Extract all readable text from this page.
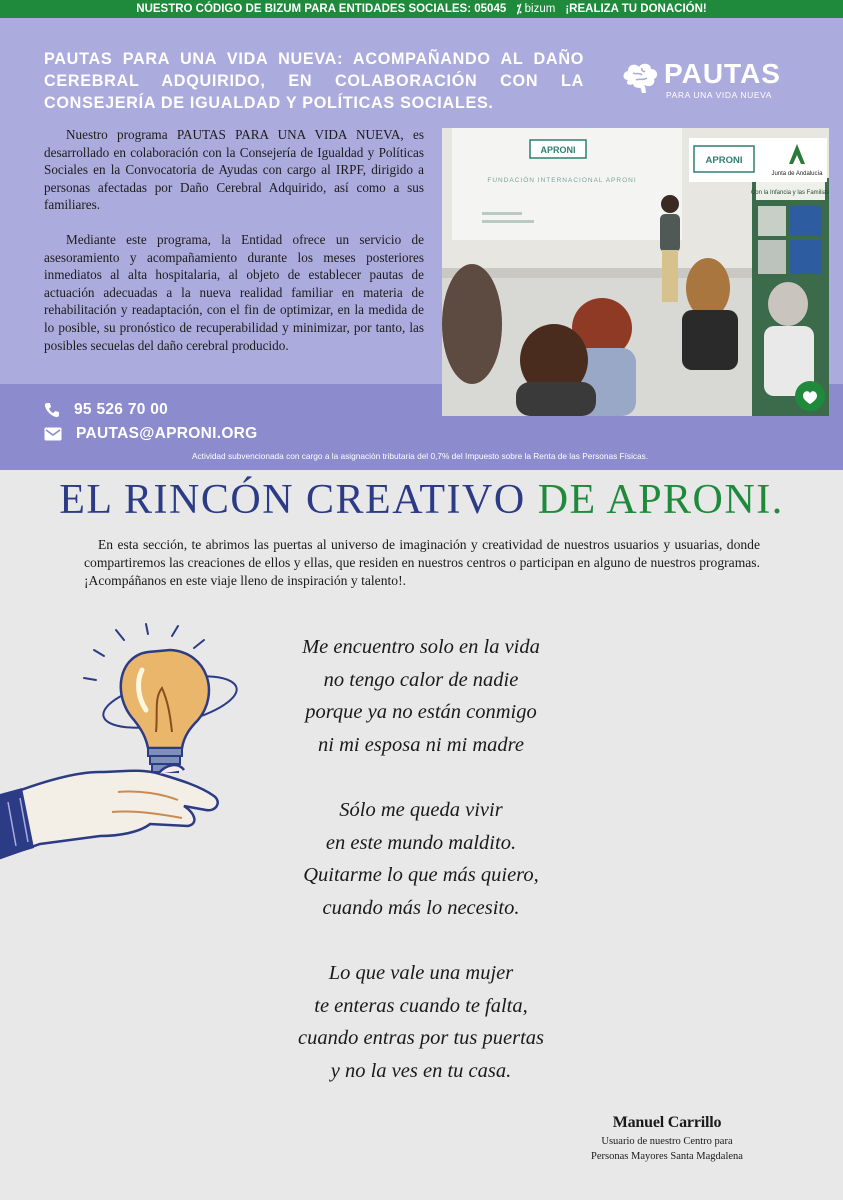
NUESTRO CÓDIGO DE BIZUM PARA ENTIDADES SOCIALES: 05045 ⁒ bizum ¡REALIZA TU DONACIÓN!
PAUTAS PARA UNA VIDA NUEVA: ACOMPAÑANDO AL DAÑO CEREBRAL ADQUIRIDO, EN COLABORACIÓN CON LA CONSEJERÍA DE IGUALDAD Y POLÍTICAS SOCIALES.
PAUTAS
PARA UNA VIDA NUEVA

Nuestro programa PAUTAS PARA UNA VIDA NUEVA, es desarrollado en colaboración con la Consejería de Igualdad y Políticas Sociales en la Convocatoria de Ayudas con cargo al IRPF, dirigido a personas afectadas por Daño Cerebral Adquirido, así como a sus familiares.

Mediante este programa, la Entidad ofrece un servicio de asesoramiento y acompañamiento durante los meses posteriores inmediatos al alta hospitalaria, al objeto de establecer pautas de actuación adecuadas a la nueva realidad familiar en materia de rehabilitación y readaptación, con el fin de optimizar, en la medida de lo posible, su pronóstico de recuperabilidad y minimizar, por tanto, las posibles secuelas del daño cerebral producido.

APRONI
FUNDACIÓN INTERNACIONAL APRONI
Con la Infancia y las Familias
APRONI
Junta de Andalucía
95 526 70 00
PAUTAS@APRONI.ORG
Actividad subvencionada con cargo a la asignación tributaria del 0,7% del Impuesto sobre la Renta de las Personas Físicas.
EL RINCÓN CREATIVO DE APRONI.

En esta sección, te abrimos las puertas al universo de imaginación y creatividad de nuestros usuarios y usuarias, donde compartiremos las creaciones de ellos y ellas, que residen en nuestros centros o participan en alguno de nuestros programas. ¡Acompáñanos en este viaje lleno de inspiración y talento!.

Me encuentro solo en la vida
no tengo calor de nadie
porque ya no están conmigo
ni mi esposa ni mi madre
Sólo me queda vivir
en este mundo maldito.
Quitarme lo que más quiero,
cuando más lo necesito.
Lo que vale una mujer
te enteras cuando te falta,
cuando entras por tus puertas
y no la ves en tu casa.
Manuel Carrillo
Usuario de nuestro Centro para
Personas Mayores Santa Magdalena
